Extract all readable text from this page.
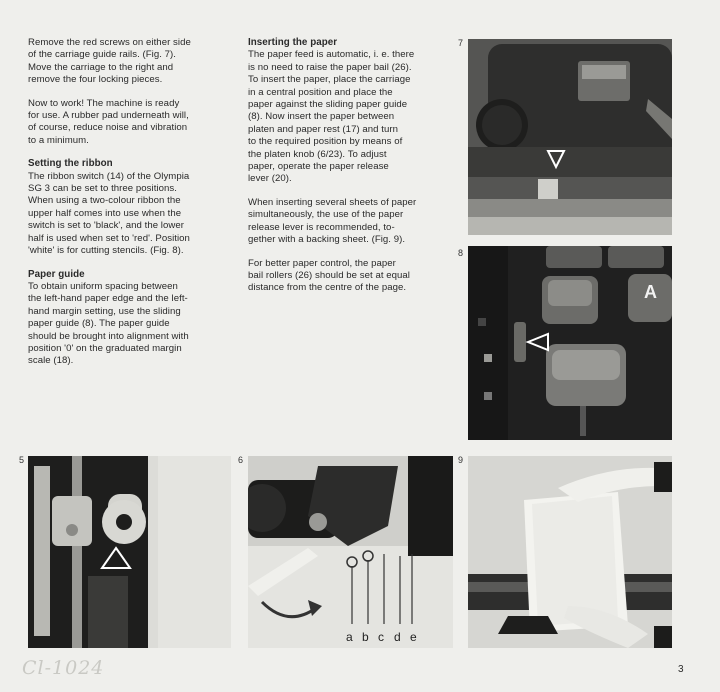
Remove the red screws on either side
of the carriage guide rails. (Fig. 7).
Move the carriage to the right and
remove the four locking pieces.

Now to work! The machine is ready
for use. A rubber pad underneath will,
of course, reduce noise and vibration
to a minimum.

Setting the ribbon

The ribbon switch (14) of the Olympia
SG 3 can be set to three positions.
When using a two-colour ribbon the
upper half comes into use when the
switch is set to 'black', and the lower
half is used when set to 'red'. Position
'white' is for cutting stencils. (Fig. 8).

Paper guide

To obtain uniform spacing between
the left-hand paper edge and the left-
hand margin setting, use the sliding
paper guide (8). The paper guide
should be brought into alignment with
position '0' on the graduated margin
scale (18).

Inserting the paper

The paper feed is automatic, i. e. there
is no need to raise the paper bail (26).
To insert the paper, place the carriage
in a central position and place the
paper against the sliding paper guide
(8). Now insert the paper between
platen and paper rest (17) and turn
to the required position by means of
the platen knob (6/23). To adjust
paper, operate the paper release
lever (20).

When inserting several sheets of paper
simultaneously, the use of the paper
release lever is recommended, to-
gether with a backing sheet. (Fig. 9).

For better paper control, the paper
bail rollers (26) should be set at equal
distance from the centre of the page.

7
8
A
5	6
a b c d e
9
Cl-1024	3
